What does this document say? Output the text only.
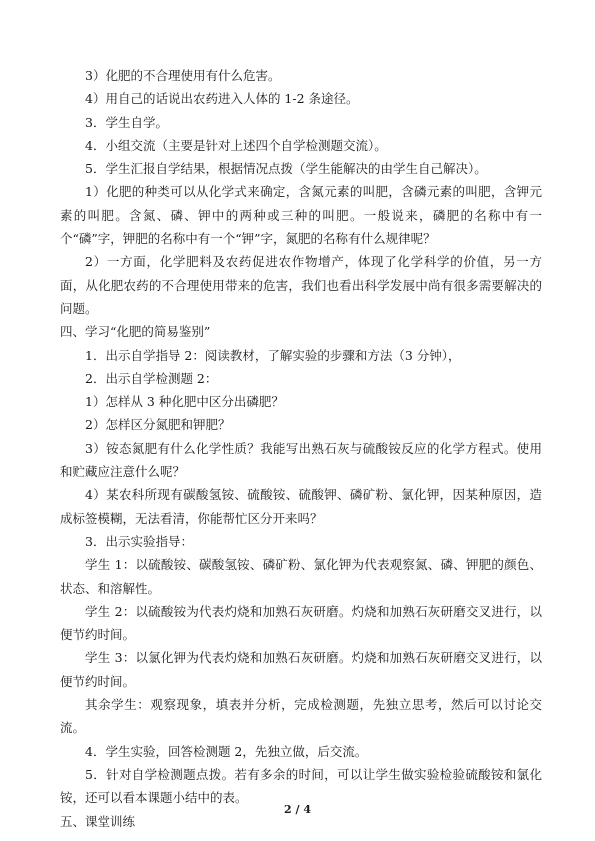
3）化肥的不合理使用有什么危害。

4）用自己的话说出农药进入人体的 1-2 条途径。

3．学生自学。

4．小组交流（主要是针对上述四个自学检测题交流）。

5．学生汇报自学结果，根据情况点拨（学生能解决的由学生自己解决）。

1）化肥的种类可以从化学式来确定，含氮元素的叫肥，含磷元素的叫肥，含钾元素的叫肥。含氮、磷、钾中的两种或三种的叫肥。一般说来，磷肥的名称中有一个“磷”字，钾肥的名称中有一个“钾”字，氮肥的名称有什么规律呢？

2）一方面，化学肥料及农药促进农作物增产，体现了化学科学的价值，另一方面，从化肥农药的不合理使用带来的危害，我们也看出科学发展中尚有很多需要解决的问题。

四、学习“化肥的简易鉴别”

1．出示自学指导 2：阅读教材，了解实验的步骤和方法（3 分钟），

2．出示自学检测题 2：

1）怎样从 3 种化肥中区分出磷肥？

2）怎样区分氮肥和钾肥？

3）铵态氮肥有什么化学性质？我能写出熟石灰与硫酸铵反应的化学方程式。使用和贮藏应注意什么呢？

4）某农科所现有碳酸氢铵、硫酸铵、硫酸钾、磷矿粉、氯化钾，因某种原因，造成标签模糊，无法看清，你能帮忙区分开来吗？

3．出示实验指导：

学生 1：以硫酸铵、碳酸氢铵、磷矿粉、氯化钾为代表观察氮、磷、钾肥的颜色、状态、和溶解性。

学生 2：以硫酸铵为代表灼烧和加熟石灰研磨。灼烧和加熟石灰研磨交叉进行，以便节约时间。

学生 3：以氯化钾为代表灼烧和加熟石灰研磨。灼烧和加熟石灰研磨交叉进行，以便节约时间。

其余学生：观察现象，填表并分析，完成检测题，先独立思考，然后可以讨论交流。

4．学生实验，回答检测题 2，先独立做，后交流。

5．针对自学检测题点拨。若有多余的时间，可以让学生做实验检验硫酸铵和氯化铵，还可以看本课题小结中的表。

五、课堂训练

2 / 4
